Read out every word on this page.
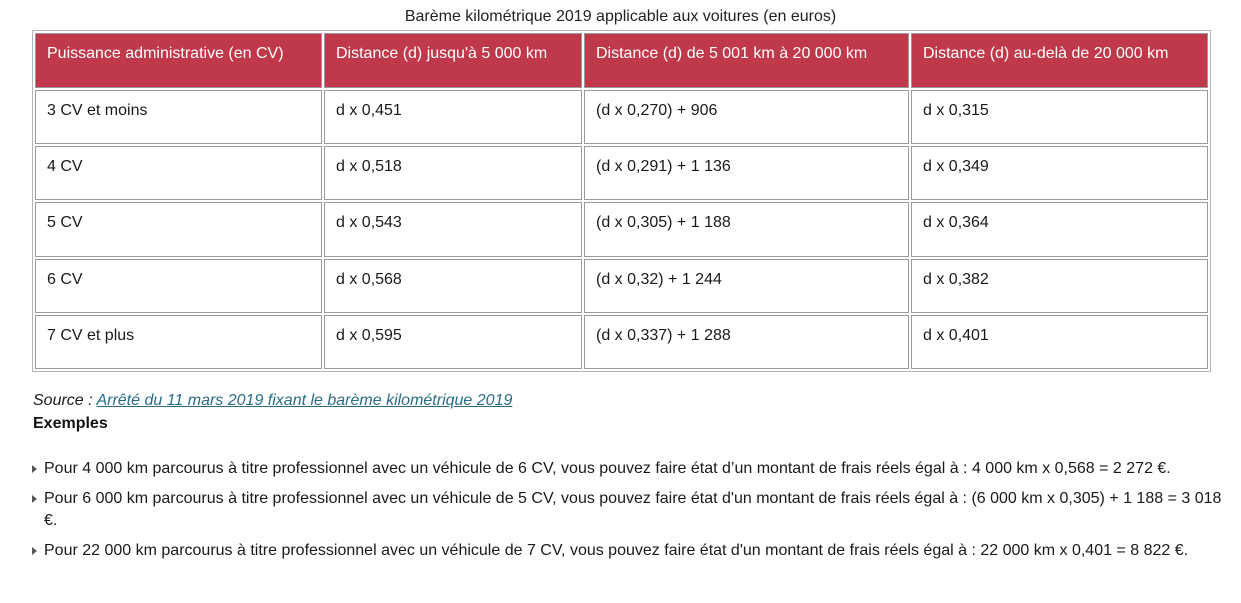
Barème kilométrique 2019 applicable aux voitures (en euros)
Puissance administrative (en CV)	Distance (d) jusqu'à 5 000 km	Distance (d) de 5 001 km à 20 000 km	Distance (d) au-delà de 20 000 km
3 CV et moins	d x 0,451	(d x 0,270) + 906	d x 0,315
4 CV	d x 0,518	(d x 0,291) + 1 136	d x 0,349
5 CV	d x 0,543	(d x 0,305) + 1 188	d x 0,364
6 CV	d x 0,568	(d x 0,32) + 1 244	d x 0,382
7 CV et plus	d x 0,595	(d x 0,337) + 1 288	d x 0,401
Source : Arrêté du 11 mars 2019 fixant le barème kilométrique 2019
Exemples
Pour 4 000 km parcourus à titre professionnel avec un véhicule de 6 CV, vous pouvez faire état d’un montant de frais réels égal à : 4 000 km x 0,568 = 2 272 €.
Pour 6 000 km parcourus à titre professionnel avec un véhicule de 5 CV, vous pouvez faire état d'un montant de frais réels égal à : (6 000 km x 0,305) + 1 188 = 3 018 €.
Pour 22 000 km parcourus à titre professionnel avec un véhicule de 7 CV, vous pouvez faire état d'un montant de frais réels égal à : 22 000 km x 0,401 = 8 822 €.
